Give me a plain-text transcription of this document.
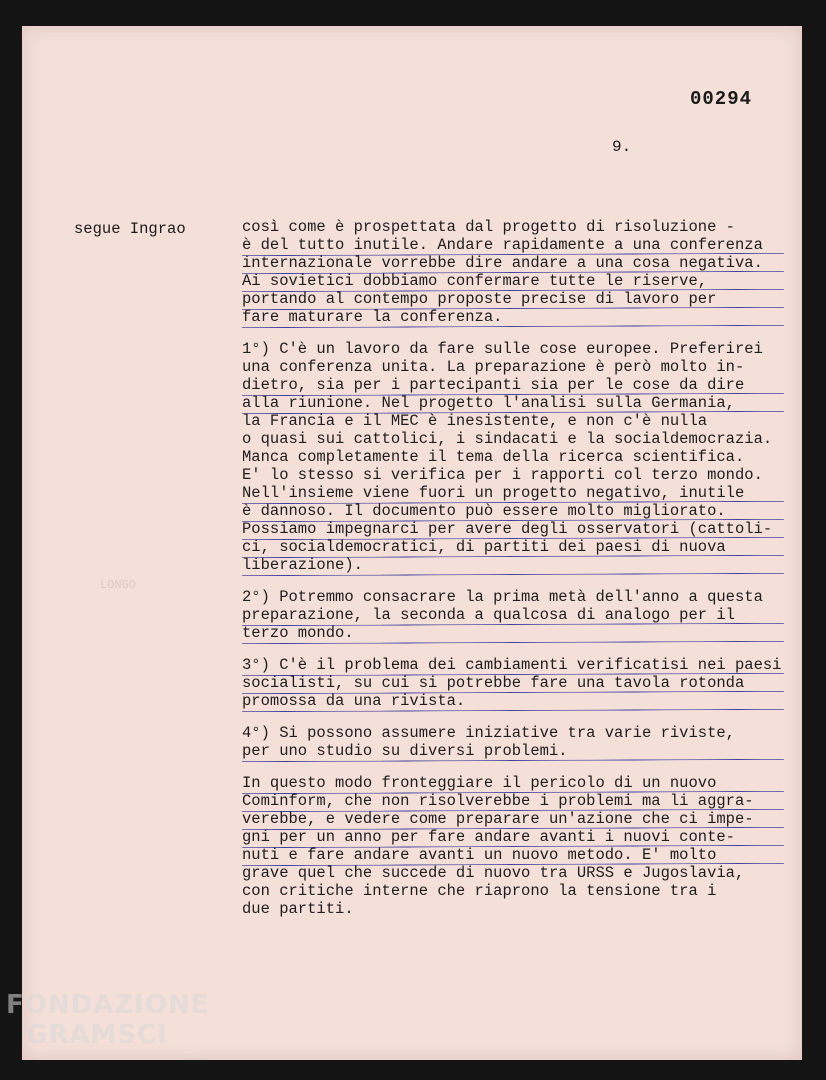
00294
9.
segue Ingrao
LONGO
così come è prospettata dal progetto di risoluzione -
è del tutto inutile. Andare rapidamente a una conferenza
internazionale vorrebbe dire andare a una cosa negativa.
Ai sovietici dobbiamo confermare tutte le riserve,
portando al contempo proposte precise di lavoro per
fare maturare la conferenza.
1°) C'è un lavoro da fare sulle cose europee. Preferirei
una conferenza unita. La preparazione è però molto in-
dietro, sia per i partecipanti sia per le cose da dire
alla riunione. Nel progetto l'analisi sulla Germania,
la Francia e il MEC è inesistente, e non c'è nulla
o quasi sui cattolici, i sindacati e la socialdemocrazia.
Manca completamente il tema della ricerca scientifica.
E' lo stesso si verifica per i rapporti col terzo mondo.
Nell'insieme viene fuori un progetto negativo, inutile
è dannoso. Il documento può essere molto migliorato.
Possiamo impegnarci per avere degli osservatori (cattoli-
ci, socialdemocratici, di partiti dei paesi di nuova
liberazione).
2°) Potremmo consacrare la prima metà dell'anno a questa
preparazione, la seconda a qualcosa di analogo per il
terzo mondo.
3°) C'è il problema dei cambiamenti verificatisi nei paesi
socialisti, su cui si potrebbe fare una tavola rotonda
promossa da una rivista.
4°) Si possono assumere iniziative tra varie riviste,
per uno studio su diversi problemi.
In questo modo fronteggiare il pericolo di un nuovo
Cominform, che non risolverebbe i problemi ma li aggra-
verebbe, e vedere come preparare un'azione che ci impe-
gni per un anno per fare andare avanti i nuovi conte-
nuti e fare andare avanti un nuovo metodo. E' molto
grave quel che succede di nuovo tra URSS e Jugoslavia,
con critiche interne che riaprono la tensione tra i
due partiti.
FONDAZIONE
GRAMSCI
onlus
